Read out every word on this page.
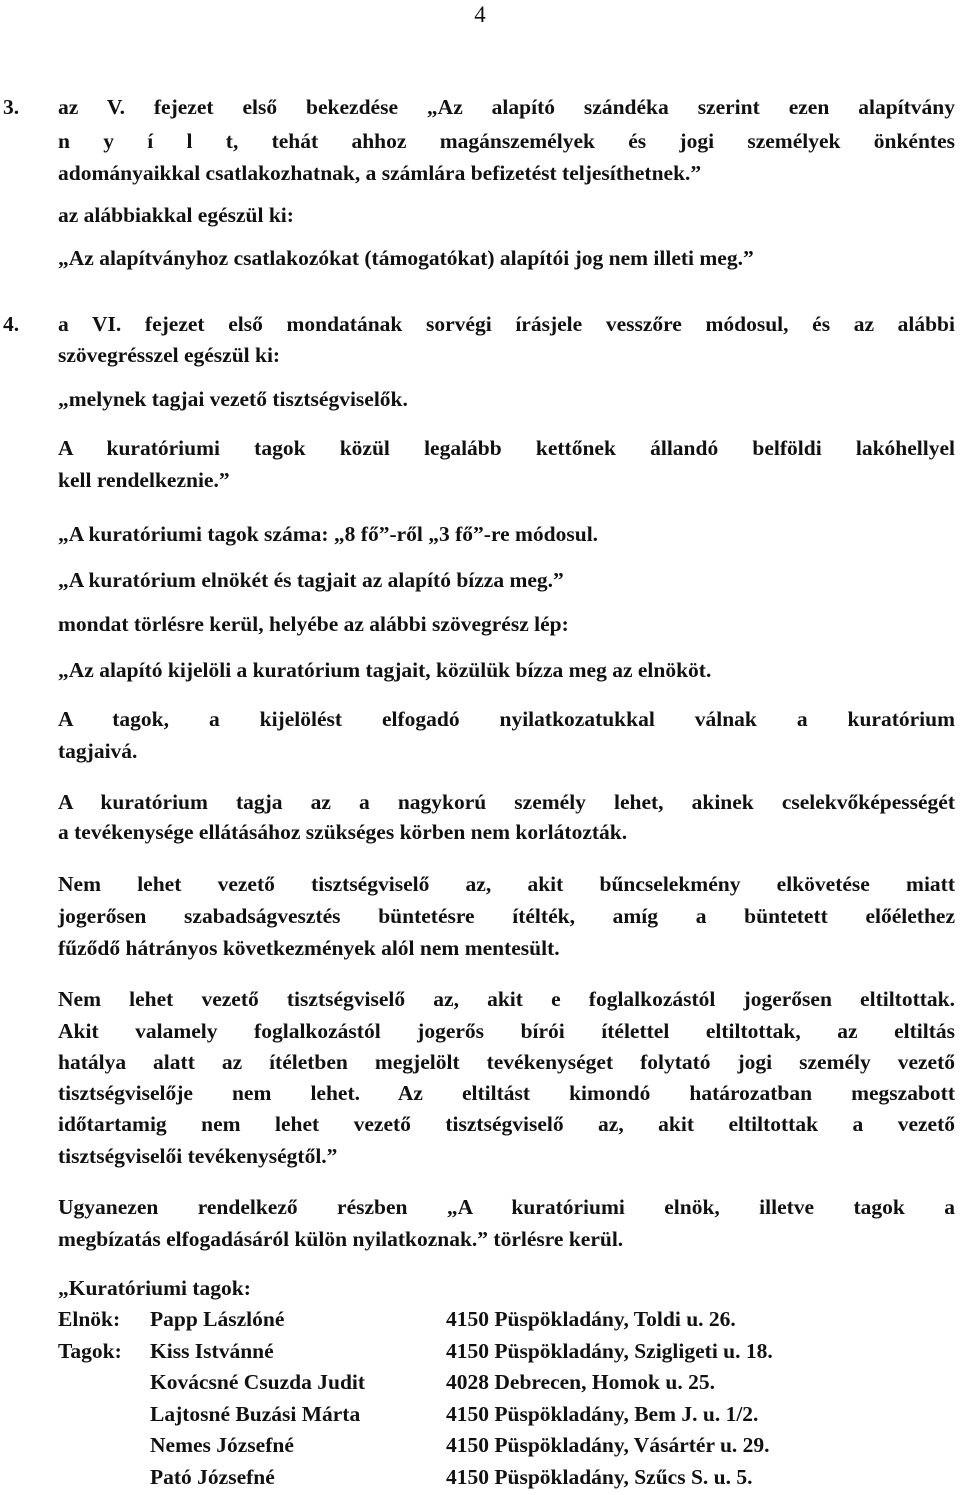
4
3. az V. fejezet első bekezdése „Az alapító szándéka szerint ezen alapítvány
n y í l t, tehát ahhoz magánszemélyek és jogi személyek önkéntes
adományaikkal csatlakozhatnak, a számlára befizetést teljesíthetnek.”
az alábbiakkal egészül ki:
„Az alapítványhoz csatlakozókat (támogatókat) alapítói jog nem illeti meg.”
4. a VI. fejezet első mondatának sorvégi írásjele vesszőre módosul, és az alábbi
szövegrésszel egészül ki:
„melynek tagjai vezető tisztségviselők.
A kuratóriumi tagok közül legalább kettőnek állandó belföldi lakóhellyel
kell rendelkeznie.”
„A kuratóriumi tagok száma: „8 fő”-ről „3 fő”-re módosul.
„A kuratórium elnökét és tagjait az alapító bízza meg.”
mondat törlésre kerül, helyébe az alábbi szövegrész lép:
„Az alapító kijelöli a kuratórium tagjait, közülük bízza meg az elnököt.
A tagok, a kijelölést elfogadó nyilatkozatukkal válnak a kuratórium
tagjaivá.
A kuratórium tagja az a nagykorú személy lehet, akinek cselekvőképességét
a tevékenysége ellátásához szükséges körben nem korlátozták.
Nem lehet vezető tisztségviselő az, akit bűncselekmény elkövetése miatt
jogerősen szabadságvesztés büntetésre ítélték, amíg a büntetett előélethez
fűződő hátrányos következmények alól nem mentesült.
Nem lehet vezető tisztségviselő az, akit e foglalkozástól jogerősen eltiltottak.
Akit valamely foglalkozástól jogerős bírói ítélettel eltiltottak, az eltiltás
hatálya alatt az ítéletben megjelölt tevékenységet folytató jogi személy vezető
tisztségviselője nem lehet. Az eltiltást kimondó határozatban megszabott
időtartamig nem lehet vezető tisztségviselő az, akit eltiltottak a vezető
tisztségviselői tevékenységtől.”
Ugyanezen rendelkező részben „A kuratóriumi elnök, illetve tagok a
megbízatás elfogadásáról külön nyilatkoznak.” törlésre kerül.
„Kuratóriumi tagok:
Elnök: Papp Lászlóné	4150 Püspökladány, Toldi u. 26.
Tagok: Kiss Istvánné	4150 Püspökladány, Szigligeti u. 18.
Kovácsné Csuzda Judit	4028 Debrecen, Homok u. 25.
Lajtosné Buzási Márta	4150 Püspökladány, Bem J. u. 1/2.
Nemes Józsefné	4150 Püspökladány, Vásártér u. 29.
Pató Józsefné	4150 Püspökladány, Szűcs S. u. 5.
